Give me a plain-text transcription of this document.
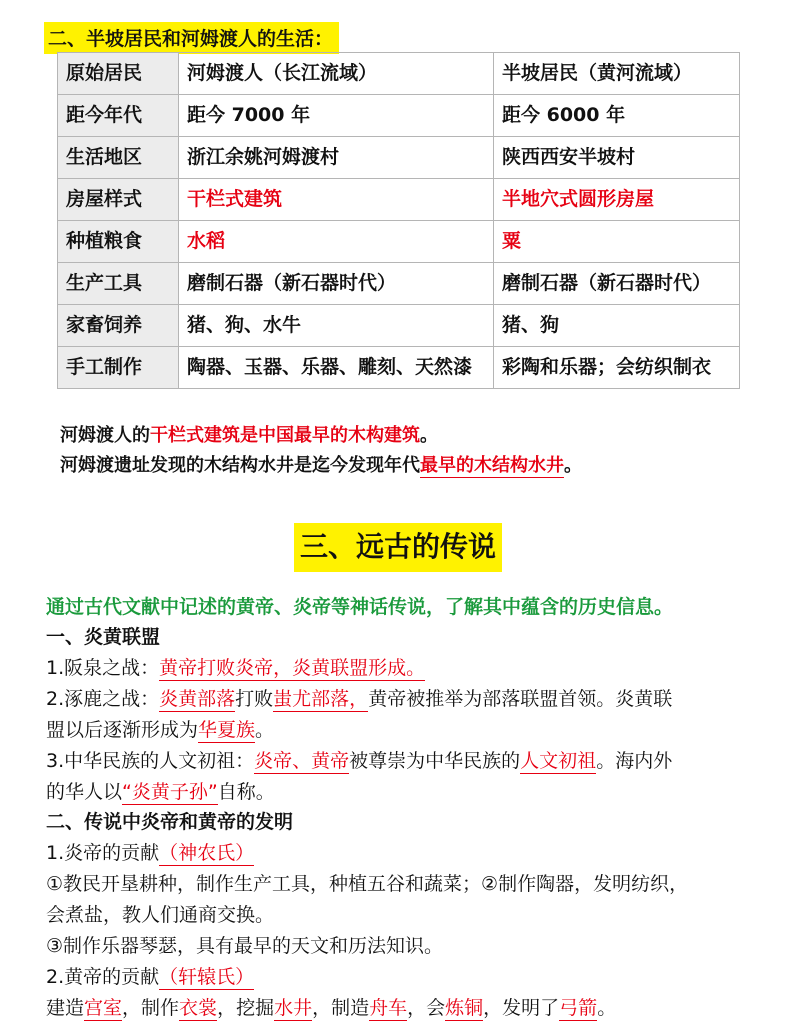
二、半坡居民和河姆渡人的生活：
原始居民	河姆渡人（长江流域）	半坡居民（黄河流域）
距今年代	距今 7000 年	距今 6000 年
生活地区	浙江余姚河姆渡村	陕西西安半坡村
房屋样式	干栏式建筑	半地穴式圆形房屋
种植粮食	水稻	粟
生产工具	磨制石器（新石器时代）	磨制石器（新石器时代）
家畜饲养	猪、狗、水牛	猪、狗
手工制作	陶器、玉器、乐器、雕刻、天然漆	彩陶和乐器；会纺织制衣
河姆渡人的干栏式建筑是中国最早的木构建筑。
河姆渡遗址发现的木结构水井是迄今发现年代最早的木结构水井。
三、远古的传说
通过古代文献中记述的黄帝、炎帝等神话传说，了解其中蕴含的历史信息。
一、炎黄联盟
1.阪泉之战：黄帝打败炎帝，炎黄联盟形成。
2.涿鹿之战：炎黄部落打败蚩尤部落，黄帝被推举为部落联盟首领。炎黄联
盟以后逐渐形成为华夏族。
3.中华民族的人文初祖：炎帝、黄帝被尊崇为中华民族的人文初祖。海内外
的华人以“炎黄子孙”自称。
二、传说中炎帝和黄帝的发明
1.炎帝的贡献（神农氏）
①教民开垦耕种，制作生产工具，种植五谷和蔬菜；②制作陶器，发明纺织，
会煮盐，教人们通商交换。
③制作乐器琴瑟，具有最早的天文和历法知识。
2.黄帝的贡献（轩辕氏）
建造宫室，制作衣裳，挖掘水井，制造舟车，会炼铜，发明了弓箭。
